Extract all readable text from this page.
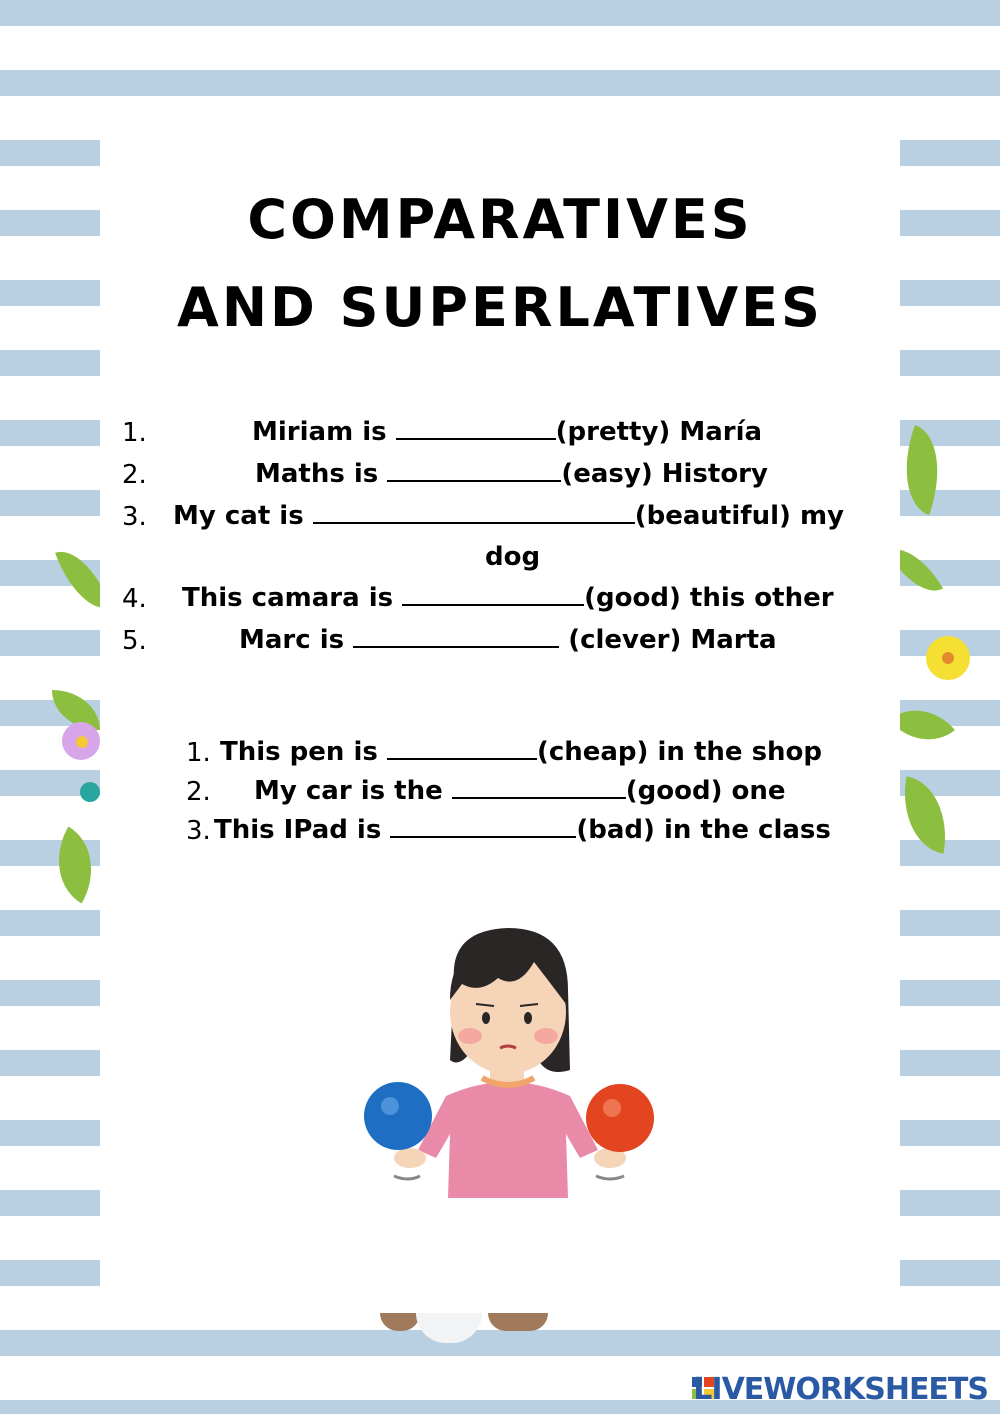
COMPARATIVES
AND SUPERLATIVES
1.	Miriam is	(pretty) María
2.	Maths is	(easy) History
3. My cat is	(beautiful) my
dog
4. This camara is	(good) this other
5.	Marc is	(clever) Marta
1. This pen is	(cheap) in the shop
2. My car is the	(good) one
3. This IPad is	(bad) in the class
LIVEWORKSHEETS
